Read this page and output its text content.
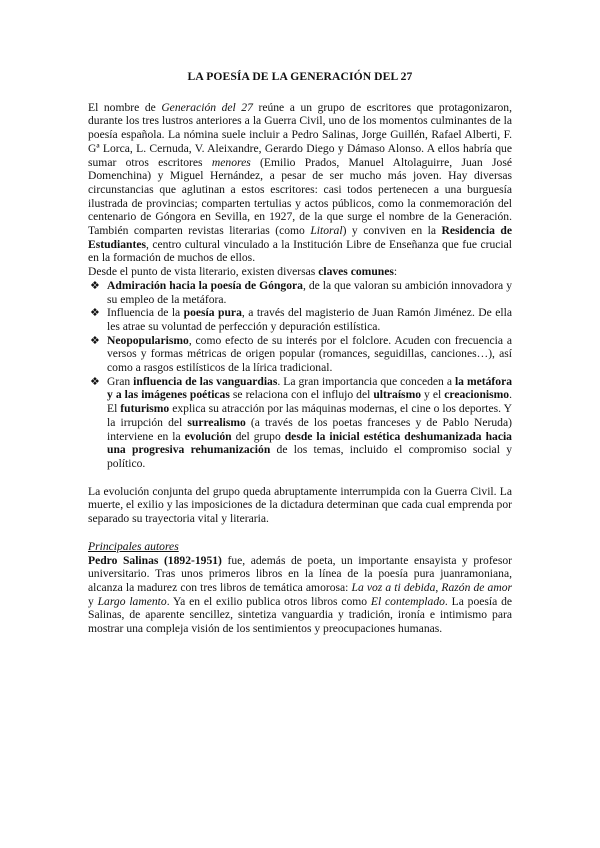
LA POESÍA DE LA GENERACIÓN DEL 27

El nombre de Generación del 27 reúne a un grupo de escritores que protagonizaron, durante los tres lustros anteriores a la Guerra Civil, uno de los momentos culminantes de la poesía española. La nómina suele incluir a Pedro Salinas, Jorge Guillén, Rafael Alberti, F. Gª Lorca, L. Cernuda, V. Aleixandre, Gerardo Diego y Dámaso Alonso. A ellos habría que sumar otros escritores menores (Emilio Prados, Manuel Altolaguirre, Juan José Domenchina) y Miguel Hernández, a pesar de ser mucho más joven. Hay diversas circunstancias que aglutinan a estos escritores: casi todos pertenecen a una burguesía ilustrada de provincias; comparten tertulias y actos públicos, como la conmemoración del centenario de Góngora en Sevilla, en 1927, de la que surge el nombre de la Generación. También comparten revistas literarias (como Litoral) y conviven en la Residencia de Estudiantes, centro cultural vinculado a la Institución Libre de Enseñanza que fue crucial en la formación de muchos de ellos.

Desde el punto de vista literario, existen diversas claves comunes:

❖ Admiración hacia la poesía de Góngora, de la que valoran su ambición innovadora y su empleo de la metáfora.
❖ Influencia de la poesía pura, a través del magisterio de Juan Ramón Jiménez. De ella les atrae su voluntad de perfección y depuración estilística.
❖ Neopopularismo, como efecto de su interés por el folclore. Acuden con frecuencia a versos y formas métricas de origen popular (romances, seguidillas, canciones…), así como a rasgos estilísticos de la lírica tradicional.
❖ Gran influencia de las vanguardias. La gran importancia que conceden a la metáfora y a las imágenes poéticas se relaciona con el influjo del ultraísmo y el creacionismo. El futurismo explica su atracción por las máquinas modernas, el cine o los deportes. Y la irrupción del surrealismo (a través de los poetas franceses y de Pablo Neruda) interviene en la evolución del grupo desde la inicial estética deshumanizada hacia una progresiva rehumanización de los temas, incluido el compromiso social y político.

La evolución conjunta del grupo queda abruptamente interrumpida con la Guerra Civil. La muerte, el exilio y las imposiciones de la dictadura determinan que cada cual emprenda por separado su trayectoria vital y literaria.

Principales autores

Pedro Salinas (1892-1951) fue, además de poeta, un importante ensayista y profesor universitario. Tras unos primeros libros en la línea de la poesía pura juanramoniana, alcanza la madurez con tres libros de temática amorosa: La voz a ti debida, Razón de amor y Largo lamento. Ya en el exilio publica otros libros como El contemplado. La poesía de Salinas, de aparente sencillez, sintetiza vanguardia y tradición, ironía e intimismo para mostrar una compleja visión de los sentimientos y preocupaciones humanas.
